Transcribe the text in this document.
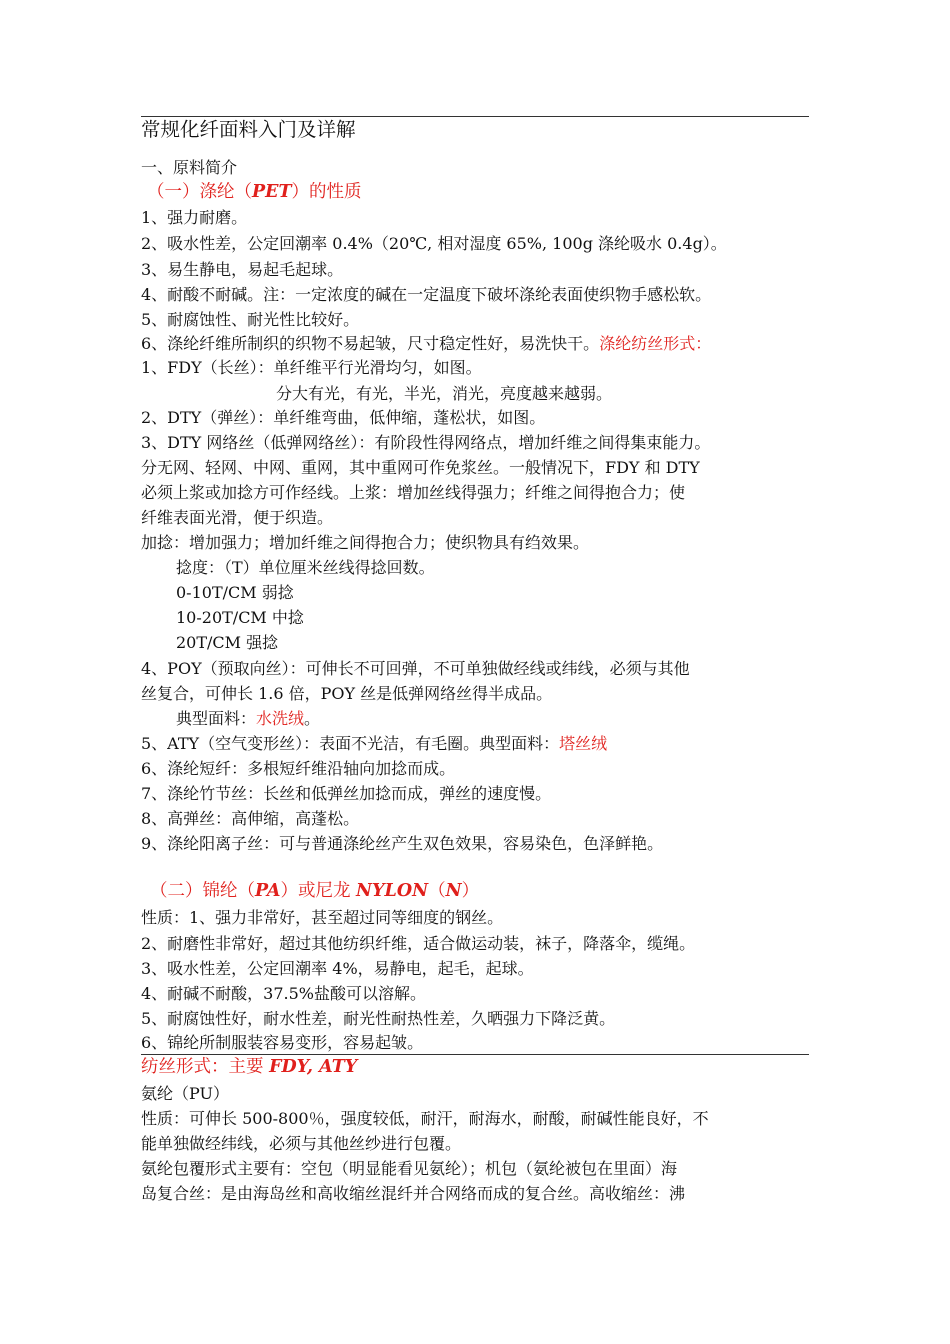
常规化纤面料入门及详解
一、原料简介
（一）涤纶（PET）的性质
1、强力耐磨。
2、吸水性差，公定回潮率 0.4%（20℃, 相对湿度 65%, 100g 涤纶吸水 0.4g）。
3、易生静电，易起毛起球。
4、耐酸不耐碱。注：一定浓度的碱在一定温度下破坏涤纶表面使织物手感松软。
5、耐腐蚀性、耐光性比较好。
6、涤纶纤维所制织的织物不易起皱，尺寸稳定性好，易洗快干。涤纶纺丝形式：
1、FDY（长丝）：单纤维平行光滑均匀，如图。
分大有光，有光，半光，消光，亮度越来越弱。
2、DTY（弹丝）：单纤维弯曲，低伸缩，蓬松状，如图。
3、DTY 网络丝（低弹网络丝）：有阶段性得网络点，增加纤维之间得集束能力。
分无网、轻网、中网、重网，其中重网可作免浆丝。一般情况下，FDY 和 DTY
必须上浆或加捻方可作经线。上浆：增加丝线得强力；纤维之间得抱合力；使
纤维表面光滑，便于织造。
加捻：增加强力；增加纤维之间得抱合力；使织物具有绉效果。
捻度：（T）单位厘米丝线得捻回数。
0-10T/CM 弱捻
10-20T/CM 中捻
20T/CM 强捻
4、POY（预取向丝）：可伸长不可回弹，不可单独做经线或纬线，必须与其他
丝复合，可伸长 1.6 倍，POY 丝是低弹网络丝得半成品。
典型面料：水洗绒。
5、ATY（空气变形丝）：表面不光洁，有毛圈。典型面料：塔丝绒
6、涤纶短纤：多根短纤维沿轴向加捻而成。
7、涤纶竹节丝：长丝和低弹丝加捻而成，弹丝的速度慢。
8、高弹丝：高伸缩，高蓬松。
9、涤纶阳离子丝：可与普通涤纶丝产生双色效果，容易染色，色泽鲜艳。
（二）锦纶（PA）或尼龙 NYLON（N）
性质：1、强力非常好，甚至超过同等细度的钢丝。
2、耐磨性非常好，超过其他纺织纤维，适合做运动装，袜子，降落伞，缆绳。
3、吸水性差，公定回潮率 4%，易静电，起毛，起球。
4、耐碱不耐酸，37.5%盐酸可以溶解。
5、耐腐蚀性好，耐水性差，耐光性耐热性差，久晒强力下降泛黄。
6、锦纶所制服装容易变形，容易起皱。
纺丝形式：主要 FDY, ATY
氨纶（PU）
性质：可伸长 500-800％，强度较低，耐汗，耐海水，耐酸，耐碱性能良好，不
能单独做经纬线，必须与其他丝纱进行包覆。
氨纶包覆形式主要有：空包（明显能看见氨纶）；机包（氨纶被包在里面）海
岛复合丝：是由海岛丝和高收缩丝混纤并合网络而成的复合丝。高收缩丝：沸
